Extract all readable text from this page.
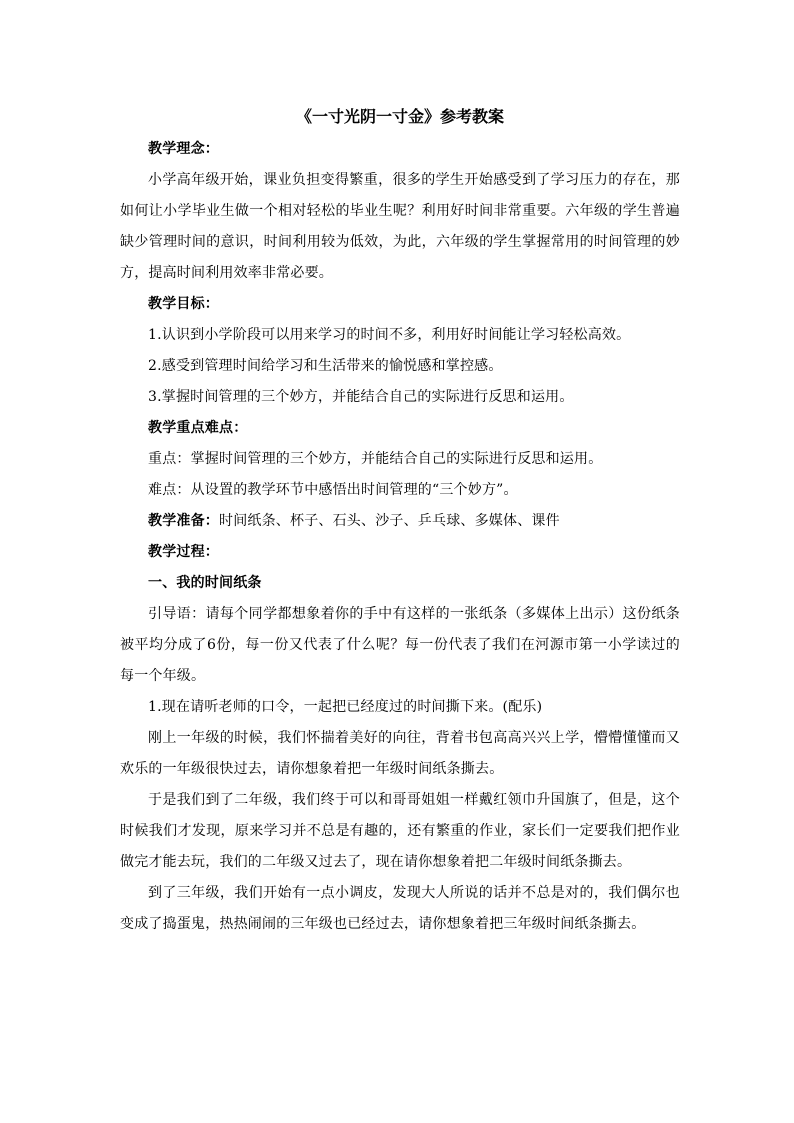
《一寸光阴一寸金》参考教案

教学理念：

小学高年级开始，课业负担变得繁重，很多的学生开始感受到了学习压力的存在，那如何让小学毕业生做一个相对轻松的毕业生呢？利用好时间非常重要。六年级的学生普遍缺少管理时间的意识，时间利用较为低效，为此，六年级的学生掌握常用的时间管理的妙方，提高时间利用效率非常必要。

教学目标：

1.认识到小学阶段可以用来学习的时间不多，利用好时间能让学习轻松高效。

2.感受到管理时间给学习和生活带来的愉悦感和掌控感。

3.掌握时间管理的三个妙方，并能结合自己的实际进行反思和运用。

教学重点难点：

重点：掌握时间管理的三个妙方，并能结合自己的实际进行反思和运用。

难点：从设置的教学环节中感悟出时间管理的“三个妙方”。

教学准备：时间纸条、杯子、石头、沙子、乒乓球、多媒体、课件

教学过程：

一、我的时间纸条

引导语：请每个同学都想象着你的手中有这样的一张纸条（多媒体上出示）这份纸条被平均分成了6份，每一份又代表了什么呢？每一份代表了我们在河源市第一小学读过的每一个年级。

1.现在请听老师的口令，一起把已经度过的时间撕下来。(配乐)

刚上一年级的时候，我们怀揣着美好的向往，背着书包高高兴兴上学，懵懵懂懂而又欢乐的一年级很快过去，请你想象着把一年级时间纸条撕去。

于是我们到了二年级，我们终于可以和哥哥姐姐一样戴红领巾升国旗了，但是，这个时候我们才发现，原来学习并不总是有趣的，还有繁重的作业，家长们一定要我们把作业做完才能去玩，我们的二年级又过去了，现在请你想象着把二年级时间纸条撕去。

到了三年级，我们开始有一点小调皮，发现大人所说的话并不总是对的，我们偶尔也变成了捣蛋鬼，热热闹闹的三年级也已经过去，请你想象着把三年级时间纸条撕去。
